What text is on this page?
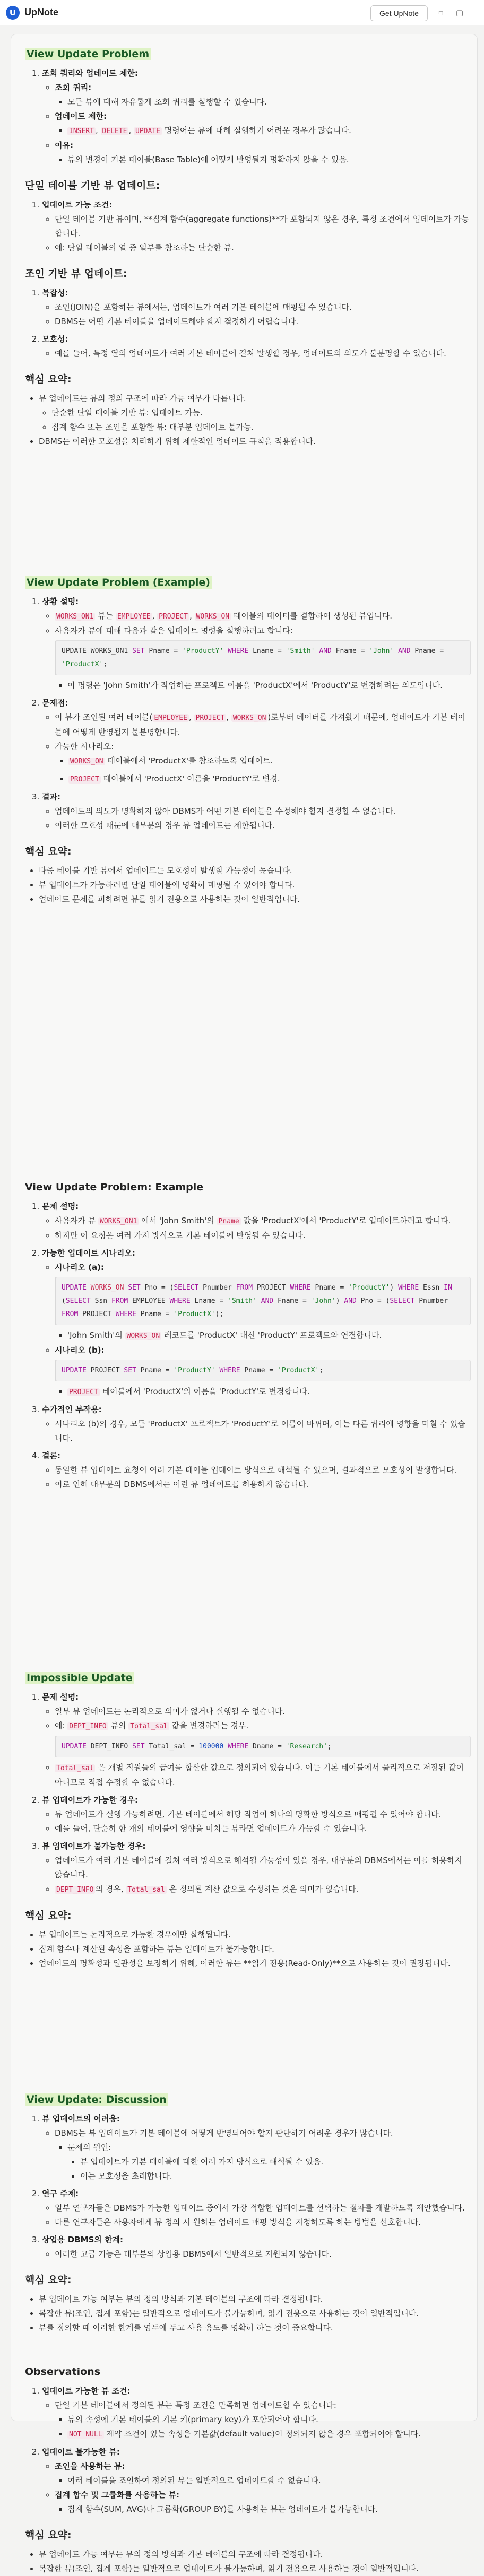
U UpNote	Get UpNote	⧉ ▢
View Update Problem
1. 조회 쿼리와 업데이트 제한:
◦ 조회 쿼리:
▪ 모든 뷰에 대해 자유롭게 조회 쿼리를 실행할 수 있습니다.
◦ 업데이트 제한:
▪ INSERT , DELETE , UPDATE 명령어는 뷰에 대해 실행하기 어려운 경우가 많습니다.
◦ 이유:
▪ 뷰의 변경이 기본 테이블(Base Table)에 어떻게 반영될지 명확하지 않을 수 있음.
단일 테이블 기반 뷰 업데이트:
1. 업데이트 가능 조건:
◦ 단일 테이블 기반 뷰이며, **집계 함수(aggregate functions)**가 포함되지 않은 경우, 특정 조건에서 업데이트가 가능합니다.
◦ 예: 단일 테이블의 열 중 일부를 참조하는 단순한 뷰.
조인 기반 뷰 업데이트:
1. 복잡성:
◦ 조인(JOIN)을 포함하는 뷰에서는, 업데이트가 여러 기본 테이블에 매핑될 수 있습니다.
◦ DBMS는 어떤 기본 테이블을 업데이트해야 할지 결정하기 어렵습니다.
2. 모호성:
◦ 예를 들어, 특정 열의 업데이트가 여러 기본 테이블에 걸쳐 발생할 경우, 업데이트의 의도가 불분명할 수 있습니다.
핵심 요약:
• 뷰 업데이트는 뷰의 정의 구조에 따라 가능 여부가 다릅니다.
◦ 단순한 단일 테이블 기반 뷰: 업데이트 가능.
◦ 집계 함수 또는 조인을 포함한 뷰: 대부분 업데이트 불가능.
• DBMS는 이러한 모호성을 처리하기 위해 제한적인 업데이트 규칙을 적용합니다.
View Update Problem (Example)
1. 상황 설명:
◦ WORKS_ON1 뷰는 EMPLOYEE , PROJECT , WORKS_ON 테이블의 데이터를 결합하여 생성된 뷰입니다.
◦ 사용자가 뷰에 대해 다음과 같은 업데이트 명령을 실행하려고 합니다:
UPDATE WORKS_ON1 SET Pname = 'ProductY' WHERE Lname = 'Smith' AND Fname = 'John' AND Pname = 'ProductX';
▪ 이 명령은 'John Smith'가 작업하는 프로젝트 이름을 'ProductX'에서 'ProductY'로 변경하려는 의도입니다.
2. 문제점:
◦ 이 뷰가 조인된 여러 테이블( EMPLOYEE , PROJECT , WORKS_ON )로부터 데이터를 가져왔기 때문에, 업데이트가 기본 테이블에 어떻게 반영될지 불분명합니다.
◦ 가능한 시나리오:
▪ WORKS_ON 테이블에서 'ProductX'를 참조하도록 업데이트.
▪ PROJECT 테이블에서 'ProductX' 이름을 'ProductY'로 변경.
3. 결과:
◦ 업데이트의 의도가 명확하지 않아 DBMS가 어떤 기본 테이블을 수정해야 할지 결정할 수 없습니다.
◦ 이러한 모호성 때문에 대부분의 경우 뷰 업데이트는 제한됩니다.
핵심 요약:
• 다중 테이블 기반 뷰에서 업데이트는 모호성이 발생할 가능성이 높습니다.
• 뷰 업데이트가 가능하려면 단일 테이블에 명확히 매핑될 수 있어야 합니다.
• 업데이트 문제를 피하려면 뷰를 읽기 전용으로 사용하는 것이 일반적입니다.
View Update Problem: Example
1. 문제 설명:
◦ 사용자가 뷰 WORKS_ON1 에서 'John Smith'의 Pname 값을 'ProductX'에서 'ProductY'로 업데이트하려고 합니다.
◦ 하지만 이 요청은 여러 가지 방식으로 기본 테이블에 반영될 수 있습니다.
2. 가능한 업데이트 시나리오:
◦ 시나리오 (a):
UPDATE WORKS_ON SET Pno = (SELECT Pnumber FROM PROJECT WHERE Pname = 'ProductY') WHERE Essn IN (SELECT Ssn FROM EMPLOYEE WHERE Lname = 'Smith' AND Fname = 'John') AND Pno = (SELECT Pnumber FROM PROJECT WHERE Pname = 'ProductX');
▪ 'John Smith'의 WORKS_ON 레코드를 'ProductX' 대신 'ProductY' 프로젝트와 연결합니다.
◦ 시나리오 (b):
UPDATE PROJECT SET Pname = 'ProductY' WHERE Pname = 'ProductX';
▪ PROJECT 테이블에서 'ProductX'의 이름을 'ProductY'로 변경합니다.
3. 수가적인 부작용:
◦ 시나리오 (b)의 경우, 모든 'ProductX' 프로젝트가 'ProductY'로 이름이 바뀌며, 이는 다른 쿼리에 영향을 미칠 수 있습니다.
4. 결론:
◦ 동일한 뷰 업데이트 요청이 여러 기본 테이블 업데이트 방식으로 해석될 수 있으며, 결과적으로 모호성이 발생합니다.
◦ 이로 인해 대부분의 DBMS에서는 이런 뷰 업데이트를 허용하지 않습니다.
Impossible Update
1. 문제 설명:
◦ 일부 뷰 업데이트는 논리적으로 의미가 없거나 실행될 수 없습니다.
◦ 예: DEPT_INFO 뷰의 Total_sal 값을 변경하려는 경우.
UPDATE DEPT_INFO SET Total_sal = 100000 WHERE Dname = 'Research';
◦ Total_sal 은 개별 직원들의 급여를 합산한 값으로 정의되어 있습니다. 이는 기본 테이블에서 물리적으로 저장된 값이 아니므로 직접 수정할 수 없습니다.
2. 뷰 업데이트가 가능한 경우:
◦ 뷰 업데이트가 실행 가능하려면, 기본 테이블에서 해당 작업이 하나의 명확한 방식으로 매핑될 수 있어야 합니다.
◦ 예를 들어, 단순히 한 개의 테이블에 영향을 미치는 뷰라면 업데이트가 가능할 수 있습니다.
3. 뷰 업데이트가 불가능한 경우:
◦ 업데이트가 여러 기본 테이블에 걸쳐 여러 방식으로 해석될 가능성이 있을 경우, 대부분의 DBMS에서는 이를 허용하지 않습니다.
◦ DEPT_INFO 의 경우, Total_sal 은 정의된 계산 값으로 수정하는 것은 의미가 없습니다.
핵심 요약:
• 뷰 업데이트는 논리적으로 가능한 경우에만 실행됩니다.
• 집계 함수나 계산된 속성을 포함하는 뷰는 업데이트가 불가능합니다.
• 업데이트의 명확성과 일관성을 보장하기 위해, 이러한 뷰는 **읽기 전용(Read-Only)**으로 사용하는 것이 권장됩니다.
View Update: Discussion
1. 뷰 업데이트의 어려움:
◦ DBMS는 뷰 업데이트가 기본 테이블에 어떻게 반영되어야 할지 판단하기 어려운 경우가 많습니다.
▪ 문제의 원인:
▪ 뷰 업데이트가 기본 테이블에 대한 여러 가지 방식으로 해석될 수 있음.
▪ 이는 모호성을 초래합니다.
2. 연구 주제:
◦ 일부 연구자들은 DBMS가 가능한 업데이트 중에서 가장 적합한 업데이트를 선택하는 절차를 개발하도록 제안했습니다.
◦ 다른 연구자들은 사용자에게 뷰 정의 시 원하는 업데이트 매핑 방식을 지정하도록 하는 방법을 선호합니다.
3. 상업용 DBMS의 한계:
◦ 이러한 고급 기능은 대부분의 상업용 DBMS에서 일반적으로 지원되지 않습니다.
핵심 요약:
• 뷰 업데이트 가능 여부는 뷰의 정의 방식과 기본 테이블의 구조에 따라 결정됩니다.
• 복잡한 뷰(조인, 집계 포함)는 일반적으로 업데이트가 불가능하며, 읽기 전용으로 사용하는 것이 일반적입니다.
• 뷰를 정의할 때 이러한 한계를 염두에 두고 사용 용도를 명확히 하는 것이 중요합니다.
Observations
1. 업데이트 가능한 뷰 조건:
◦ 단일 기본 테이블에서 정의된 뷰는 특정 조건을 만족하면 업데이트할 수 있습니다:
▪ 뷰의 속성에 기본 테이블의 기본 키(primary key)가 포함되어야 합니다.
▪ NOT NULL 제약 조건이 있는 속성은 기본값(default value)이 정의되지 않은 경우 포함되어야 합니다.
2. 업데이트 불가능한 뷰:
◦ 조인을 사용하는 뷰:
▪ 여러 테이블을 조인하여 정의된 뷰는 일반적으로 업데이트할 수 없습니다.
◦ 집계 함수 및 그룹화를 사용하는 뷰:
▪ 집계 함수(SUM, AVG)나 그룹화(GROUP BY)를 사용하는 뷰는 업데이트가 불가능합니다.
핵심 요약:
• 뷰 업데이트 가능 여부는 뷰의 정의 방식과 기본 테이블의 구조에 따라 결정됩니다.
• 복잡한 뷰(조인, 집계 포함)는 일반적으로 업데이트가 불가능하며, 읽기 전용으로 사용하는 것이 일반적입니다.
